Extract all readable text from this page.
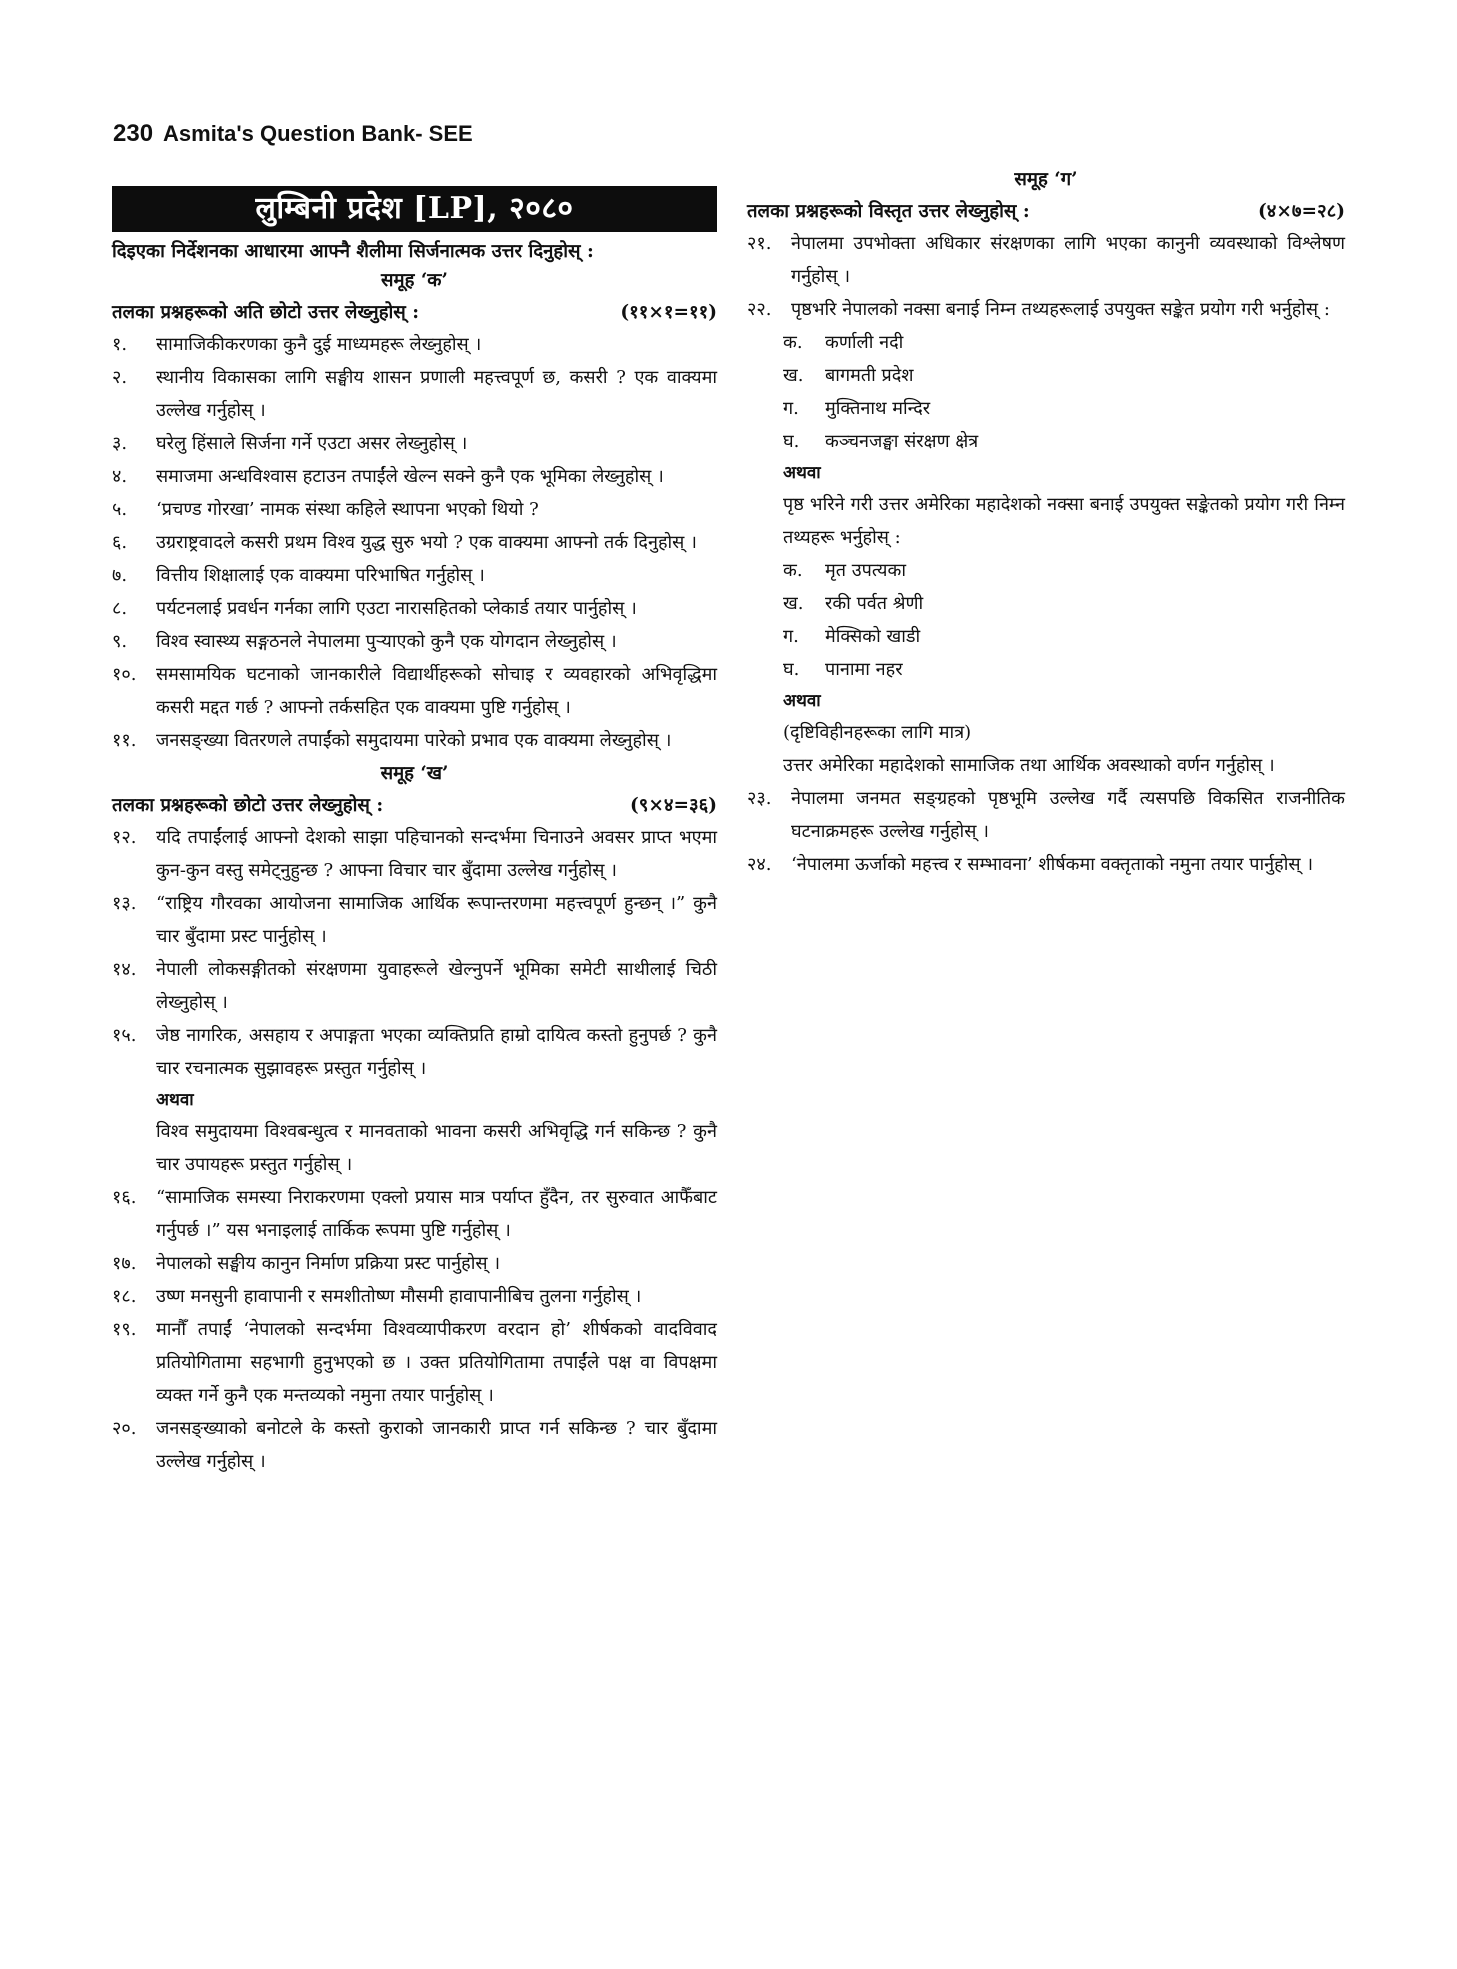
230 Asmita's Question Bank- SEE
लुम्बिनी प्रदेश [LP], २०८०
दिइएका निर्देशनका आधारमा आफ्नै शैलीमा सिर्जनात्मक उत्तर दिनुहोस् :
समूह ‘क’
तलका प्रश्नहरूको अति छोटो उत्तर लेख्नुहोस् :	(११×१=११)
१.	सामाजिकीकरणका कुनै दुई माध्यमहरू लेख्नुहोस् ।
२.	स्थानीय विकासका लागि सङ्घीय शासन प्रणाली महत्त्वपूर्ण छ, कसरी ? एक वाक्यमा उल्लेख गर्नुहोस् ।
३.	घरेलु हिंसाले सिर्जना गर्ने एउटा असर लेख्नुहोस् ।
४.	समाजमा अन्धविश्वास हटाउन तपाईंले खेल्न सक्ने कुनै एक भूमिका लेख्नुहोस् ।
५.	‘प्रचण्ड गोरखा’ नामक संस्था कहिले स्थापना भएको थियो ?
६.	उग्रराष्ट्रवादले कसरी प्रथम विश्व युद्ध सुरु भयो ? एक वाक्यमा आफ्नो तर्क दिनुहोस् ।
७.	वित्तीय शिक्षालाई एक वाक्यमा परिभाषित गर्नुहोस् ।
८.	पर्यटनलाई प्रवर्धन गर्नका लागि एउटा नारासहितको प्लेकार्ड तयार पार्नुहोस् ।
९.	विश्व स्वास्थ्य सङ्गठनले नेपालमा पुऱ्याएको कुनै एक योगदान लेख्नुहोस् ।
१०.	समसामयिक घटनाको जानकारीले विद्यार्थीहरूको सोचाइ र व्यवहारको अभिवृद्धिमा कसरी मद्दत गर्छ ? आफ्नो तर्कसहित एक वाक्यमा पुष्टि गर्नुहोस् ।
११.	जनसङ्ख्या वितरणले तपाईंको समुदायमा पारेको प्रभाव एक वाक्यमा लेख्नुहोस् ।
समूह ‘ख’
तलका प्रश्नहरूको छोटो उत्तर लेख्नुहोस् :	(९×४=३६)
१२.	यदि तपाईंलाई आफ्नो देशको साझा पहिचानको सन्दर्भमा चिनाउने अवसर प्राप्त भएमा कुन-कुन वस्तु समेट्नुहुन्छ ? आफ्ना विचार चार बुँदामा उल्लेख गर्नुहोस् ।
१३.	“राष्ट्रिय गौरवका आयोजना सामाजिक आर्थिक रूपान्तरणमा महत्त्वपूर्ण हुन्छन् ।” कुनै चार बुँदामा प्रस्ट पार्नुहोस् ।
१४.	नेपाली लोकसङ्गीतको संरक्षणमा युवाहरूले खेल्नुपर्ने भूमिका समेटी साथीलाई चिठी लेख्नुहोस् ।
१५.	जेष्ठ नागरिक, असहाय र अपाङ्गता भएका व्यक्तिप्रति हाम्रो दायित्व कस्तो हुनुपर्छ ? कुनै चार रचनात्मक सुझावहरू प्रस्तुत गर्नुहोस् ।
अथवा
विश्व समुदायमा विश्वबन्धुत्व र मानवताको भावना कसरी अभिवृद्धि गर्न सकिन्छ ? कुनै चार उपायहरू प्रस्तुत गर्नुहोस् ।
१६.	“सामाजिक समस्या निराकरणमा एक्लो प्रयास मात्र पर्याप्त हुँदैन, तर सुरुवात आफैँबाट गर्नुपर्छ ।” यस भनाइलाई तार्किक रूपमा पुष्टि गर्नुहोस् ।
१७.	नेपालको सङ्घीय कानुन निर्माण प्रक्रिया प्रस्ट पार्नुहोस् ।
१८.	उष्ण मनसुनी हावापानी र समशीतोष्ण मौसमी हावापानीबिच तुलना गर्नुहोस् ।
१९.	मानौँ तपाईं ‘नेपालको सन्दर्भमा विश्वव्यापीकरण वरदान हो’ शीर्षकको वादविवाद प्रतियोगितामा सहभागी हुनुभएको छ । उक्त प्रतियोगितामा तपाईंले पक्ष वा विपक्षमा व्यक्त गर्ने कुनै एक मन्तव्यको नमुना तयार पार्नुहोस् ।
२०.	जनसङ्ख्याको बनोटले के कस्तो कुराको जानकारी प्राप्त गर्न सकिन्छ ? चार बुँदामा उल्लेख गर्नुहोस् ।
समूह ‘ग’
तलका प्रश्नहरूको विस्तृत उत्तर लेख्नुहोस् :	(४×७=२८)
२१.	नेपालमा उपभोक्ता अधिकार संरक्षणका लागि भएका कानुनी व्यवस्थाको विश्लेषण गर्नुहोस् ।
२२.	पृष्ठभरि नेपालको नक्सा बनाई निम्न तथ्यहरूलाई उपयुक्त सङ्केत प्रयोग गरी भर्नुहोस् :
क.	कर्णाली नदी
ख.	बागमती प्रदेश
ग.	मुक्तिनाथ मन्दिर
घ.	कञ्चनजङ्घा संरक्षण क्षेत्र
अथवा
पृष्ठ भरिने गरी उत्तर अमेरिका महादेशको नक्सा बनाई उपयुक्त सङ्केतको प्रयोग गरी निम्न तथ्यहरू भर्नुहोस् :
क.	मृत उपत्यका
ख.	रकी पर्वत श्रेणी
ग.	मेक्सिको खाडी
घ.	पानामा नहर
अथवा
(दृष्टिविहीनहरूका लागि मात्र)
उत्तर अमेरिका महादेशको सामाजिक तथा आर्थिक अवस्थाको वर्णन गर्नुहोस् ।
२३.	नेपालमा जनमत सङ्ग्रहको पृष्ठभूमि उल्लेख गर्दै त्यसपछि विकसित राजनीतिक घटनाक्रमहरू उल्लेख गर्नुहोस् ।
२४.	‘नेपालमा ऊर्जाको महत्त्व र सम्भावना’ शीर्षकमा वक्तृताको नमुना तयार पार्नुहोस् ।
